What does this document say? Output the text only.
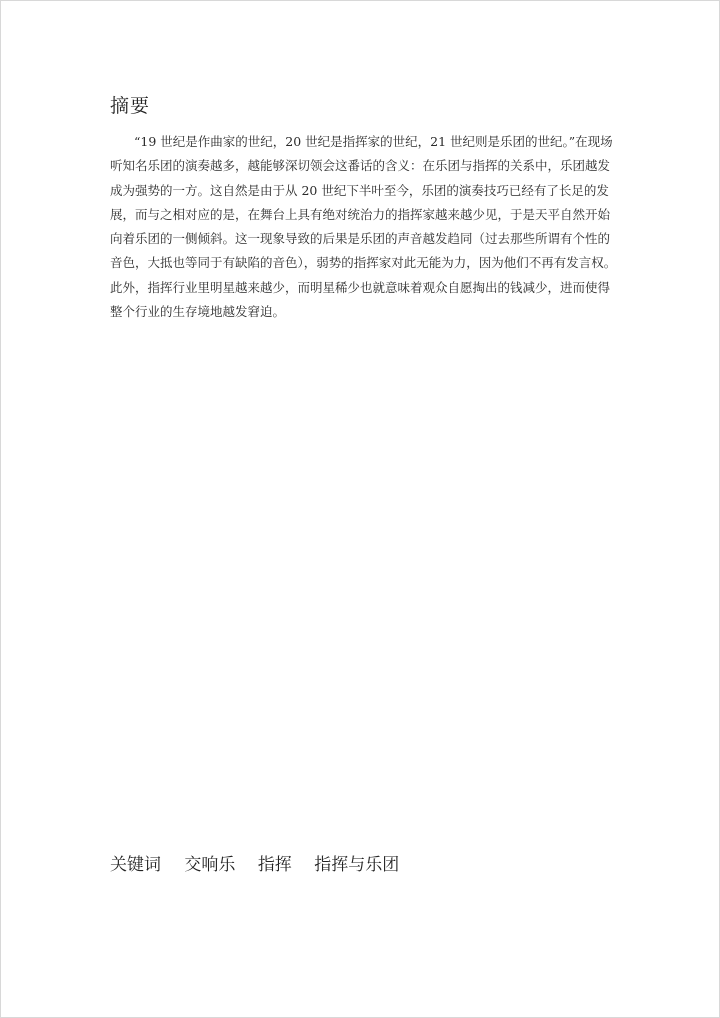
摘要
“19 世纪是作曲家的世纪，20 世纪是指挥家的世纪，21 世纪则是乐团的世纪。”在现场
听知名乐团的演奏越多，越能够深切领会这番话的含义：在乐团与指挥的关系中，乐团越发
成为强势的一方。这自然是由于从 20 世纪下半叶至今，乐团的演奏技巧已经有了长足的发
展，而与之相对应的是，在舞台上具有绝对统治力的指挥家越来越少见，于是天平自然开始
向着乐团的一侧倾斜。这一现象导致的后果是乐团的声音越发趋同（过去那些所谓有个性的
音色，大抵也等同于有缺陷的音色），弱势的指挥家对此无能为力，因为他们不再有发言权。
此外，指挥行业里明星越来越少，而明星稀少也就意味着观众自愿掏出的钱减少，进而使得
整个行业的生存境地越发窘迫。
关键词 交响乐 指挥 指挥与乐团
